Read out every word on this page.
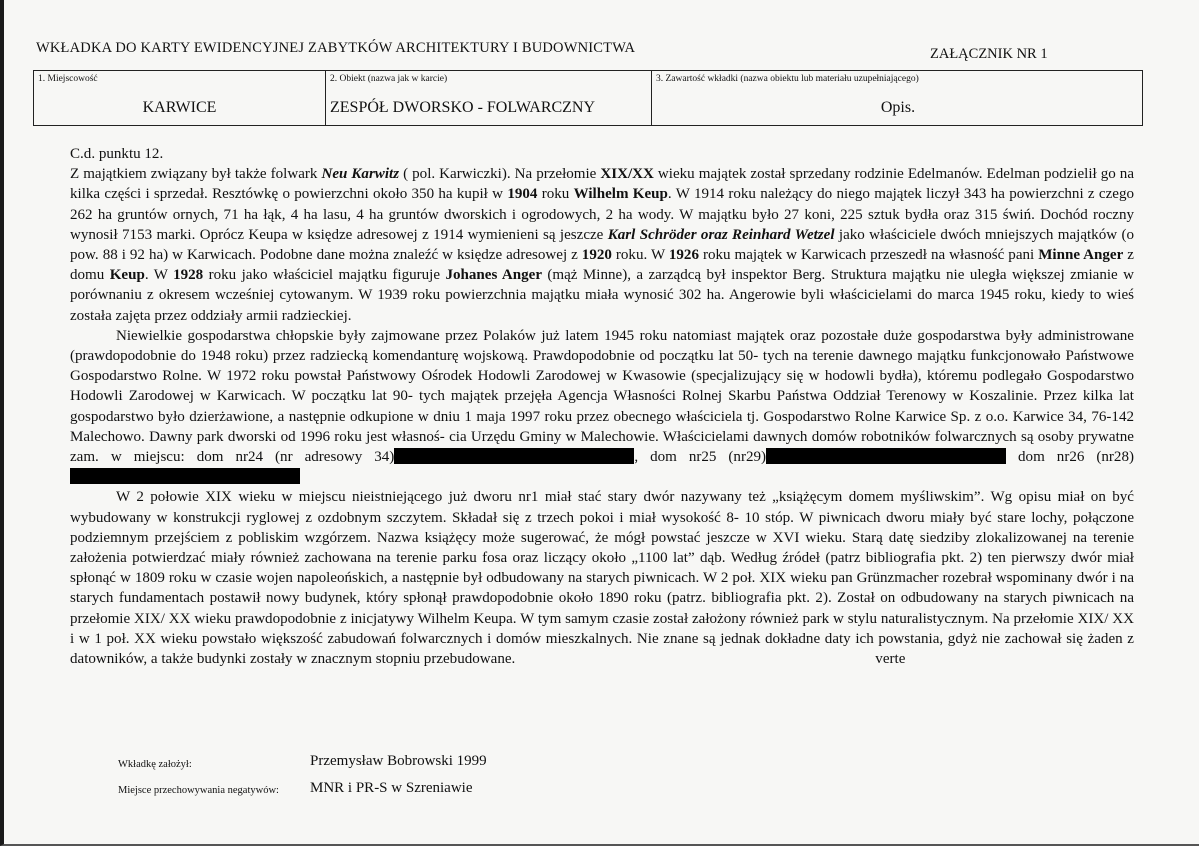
WKŁADKA DO KARTY EWIDENCYJNEJ ZABYTKÓW ARCHITEKTURY I BUDOWNICTWA	ZAŁĄCZNIK NR 1
1. Miejscowość
KARWICE
2. Obiekt (nazwa jak w karcie)
ZESPÓŁ DWORSKO - FOLWARCZNY
3. Zawartość wkładki (nazwa obiektu lub materiału uzupełniającego)
Opis.

C.d. punktu 12.

Z majątkiem związany był także folwark Neu Karwitz ( pol. Karwiczki). Na przełomie XIX/XX wieku majątek został sprzedany rodzinie Edelmanów. Edelman podzielił go na kilka części i sprzedał. Resztówkę o powierzchni około 350 ha kupił w 1904 roku Wilhelm Keup. W 1914 roku należący do niego majątek liczył 343 ha powierzchni z czego 262 ha gruntów ornych, 71 ha łąk, 4 ha lasu, 4 ha gruntów dworskich i ogrodowych, 2 ha wody. W majątku było 27 koni, 225 sztuk bydła oraz 315 świń. Dochód roczny wynosił 7153 marki. Oprócz Keupa w księdze adresowej z 1914 wymienieni są jeszcze Karl Schröder oraz Reinhard Wetzel jako właściciele dwóch mniejszych majątków (o pow. 88 i 92 ha) w Karwicach. Podobne dane można znaleźć w księdze adresowej z 1920 roku. W 1926 roku majątek w Karwicach przeszedł na własność pani Minne Anger z domu Keup. W 1928 roku jako właściciel majątku figuruje Johanes Anger (mąż Minne), a zarządcą był inspektor Berg. Struktura majątku nie uległa większej zmianie w porównaniu z okresem wcześniej cytowanym. W 1939 roku powierzchnia majątku miała wynosić 302 ha. Angerowie byli właścicielami do marca 1945 roku, kiedy to wieś została zajęta przez oddziały armii radzieckiej.

Niewielkie gospodarstwa chłopskie były zajmowane przez Polaków już latem 1945 roku natomiast majątek oraz pozostałe duże gospodarstwa były administrowane (prawdopodobnie do 1948 roku) przez radziecką komendanturę wojskową. Prawdopodobnie od początku lat 50- tych na terenie dawnego majątku funkcjonowało Państwowe Gospodarstwo Rolne. W 1972 roku powstał Państwowy Ośrodek Hodowli Zarodowej w Kwasowie (specjalizujący się w hodowli bydła), któremu podlegało Gospodarstwo Hodowli Zarodowej w Karwicach. W początku lat 90- tych majątek przejęła Agencja Własności Rolnej Skarbu Państwa Oddział Terenowy w Koszalinie. Przez kilka lat gospodarstwo było dzierżawione, a następnie odkupione w dniu 1 maja 1997 roku przez obecnego właściciela tj. Gospodarstwo Rolne Karwice Sp. z o.o. Karwice 34, 76-142 Malechowo. Dawny park dworski od 1996 roku jest własnoś- cia Urzędu Gminy w Malechowie. Właścicielami dawnych domów robotników folwarcznych są osoby prywatne zam. w miejscu: dom nr24 (nr adresowy 34)	, dom nr25 (nr29)	dom nr26 (nr28)

W 2 połowie XIX wieku w miejscu nieistniejącego już dworu nr1 miał stać stary dwór nazywany też „książęcym domem myśliwskim”. Wg opisu miał on być wybudowany w konstrukcji ryglowej z ozdobnym szczytem. Składał się z trzech pokoi i miał wysokość 8- 10 stóp. W piwnicach dworu miały być stare lochy, połączone podziemnym przejściem z pobliskim wzgórzem. Nazwa książęcy może sugerować, że mógł powstać jeszcze w XVI wieku. Starą datę siedziby zlokalizowanej na terenie założenia potwierdzać miały również zachowana na terenie parku fosa oraz liczący około „1100 lat” dąb. Według źródeł (patrz bibliografia pkt. 2) ten pierwszy dwór miał spłonąć w 1809 roku w czasie wojen napoleońskich, a następnie był odbudowany na starych piwnicach. W 2 poł. XIX wieku pan Grünzmacher rozebrał wspominany dwór i na starych fundamentach postawił nowy budynek, który spłonął prawdopodobnie około 1890 roku (patrz. bibliografia pkt. 2). Został on odbudowany na starych piwnicach na przełomie XIX/ XX wieku prawdopodobnie z inicjatywy Wilhelm Keupa. W tym samym czasie został założony również park w stylu naturalistycznym. Na przełomie XIX/ XX i w 1 poł. XX wieku powstało większość zabudowań folwarcznych i domów mieszkalnych. Nie znane są jednak dokładne daty ich powstania, gdyż nie zachował się żaden z datowników, a także budynki zostały w znacznym stopniu przebudowane.	verte

Wkładkę założył:	Przemysław Bobrowski 1999
Miejsce przechowywania negatywów: MNR i PR-S w Szreniawie
